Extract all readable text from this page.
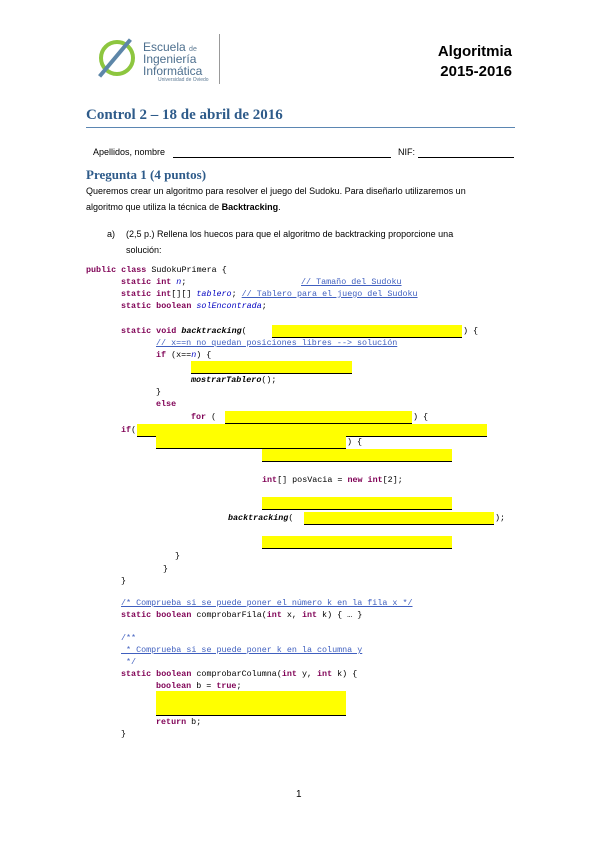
Escuela de
Ingeniería
Informática
Universidad de Oviedo
Algoritmia
2015-2016
Control 2 – 18 de abril de 2016
Apellidos, nombre	NIF:
Pregunta 1 (4 puntos)
Queremos crear un algoritmo para resolver el juego del Sudoku. Para diseñarlo utilizaremos un
algoritmo que utiliza la técnica de Backtracking.
a) (2,5 p.) Rellena los huecos para que el algoritmo de backtracking proporcione una
solución:
public class SudokuPrimera {
static int n;	// Tamaño del Sudoku
static int[][] tablero; // Tablero para el juego del Sudoku
static boolean solEncontrada;
static void backtracking(	) {
// x==n no quedan posiciones libres --> solución
if (x==n) {
mostrarTablero();
}
else
for (	) {
if(
) {
int[] posVacia = new int[2];
backtracking(	);
}
}
}
/* Comprueba si se puede poner el número k en la fila x */
static boolean comprobarFila(int x, int k) { … }
/**
* Comprueba si se puede poner k en la columna y
*/
static boolean comprobarColumna(int y, int k) {
boolean b = true;
return b;
}
1
